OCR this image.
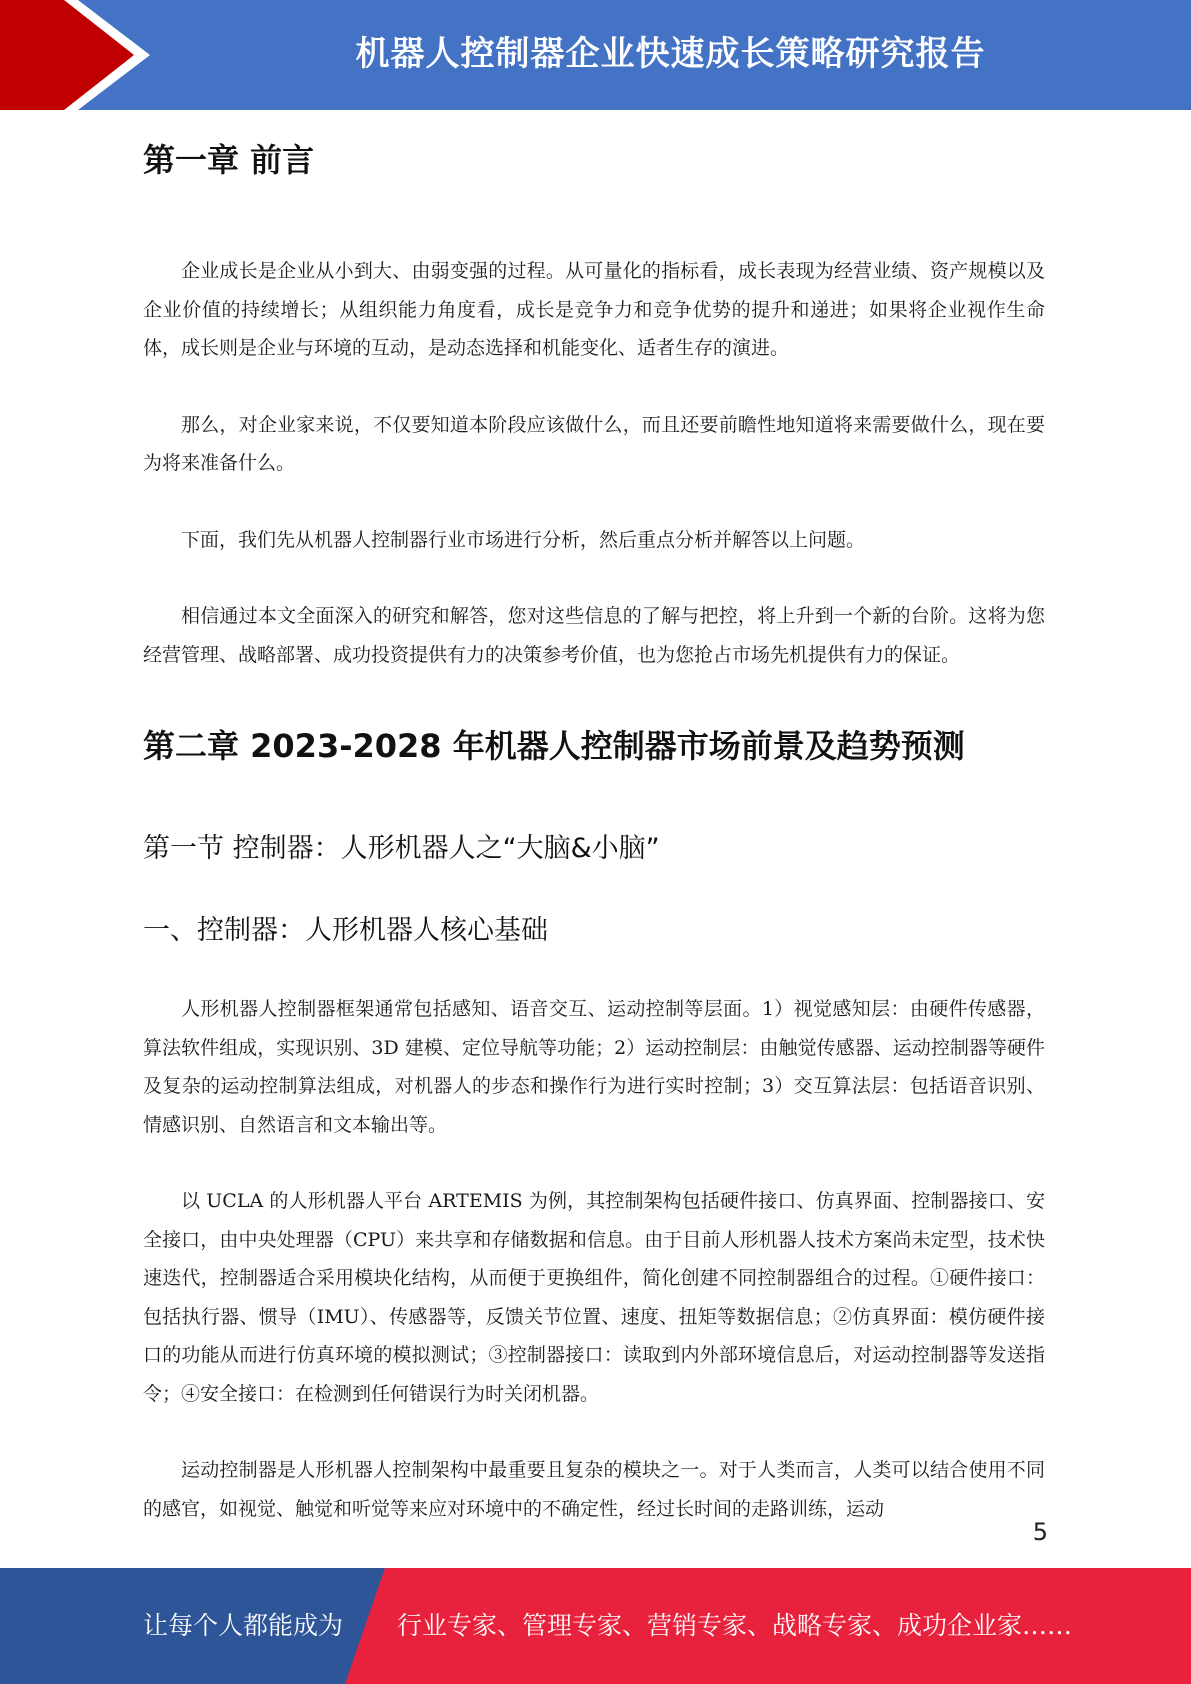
机器人控制器企业快速成长策略研究报告
第一章 前言

企业成长是企业从小到大、由弱变强的过程。从可量化的指标看，成长表现为经营业绩、资产规模以及企业价值的持续增长；从组织能力角度看，成长是竞争力和竞争优势的提升和递进；如果将企业视作生命体，成长则是企业与环境的互动，是动态选择和机能变化、适者生存的演进。

那么，对企业家来说，不仅要知道本阶段应该做什么，而且还要前瞻性地知道将来需要做什么，现在要为将来准备什么。

下面，我们先从机器人控制器行业市场进行分析，然后重点分析并解答以上问题。

相信通过本文全面深入的研究和解答，您对这些信息的了解与把控，将上升到一个新的台阶。这将为您经营管理、战略部署、成功投资提供有力的决策参考价值，也为您抢占市场先机提供有力的保证。

第二章 2023-2028 年机器人控制器市场前景及趋势预测
第一节 控制器：人形机器人之“大脑&小脑”
一、控制器：人形机器人核心基础

人形机器人控制器框架通常包括感知、语音交互、运动控制等层面。1）视觉感知层：由硬件传感器，算法软件组成，实现识别、3D 建模、定位导航等功能；2）运动控制层：由触觉传感器、运动控制器等硬件及复杂的运动控制算法组成，对机器人的步态和操作行为进行实时控制；3）交互算法层：包括语音识别、情感识别、自然语言和文本输出等。

以 UCLA 的人形机器人平台 ARTEMIS 为例，其控制架构包括硬件接口、仿真界面、控制器接口、安全接口，由中央处理器（CPU）来共享和存储数据和信息。由于目前人形机器人技术方案尚未定型，技术快速迭代，控制器适合采用模块化结构，从而便于更换组件，简化创建不同控制器组合的过程。①硬件接口：包括执行器、惯导（IMU）、传感器等，反馈关节位置、速度、扭矩等数据信息；②仿真界面：模仿硬件接口的功能从而进行仿真环境的模拟测试；③控制器接口：读取到内外部环境信息后，对运动控制器等发送指令；④安全接口：在检测到任何错误行为时关闭机器。

运动控制器是人形机器人控制架构中最重要且复杂的模块之一。对于人类而言，人类可以结合使用不同的感官，如视觉、触觉和听觉等来应对环境中的不确定性，经过长时间的走路训练，运动

5
让每个人都能成为 行业专家、管理专家、营销专家、战略专家、成功企业家……
